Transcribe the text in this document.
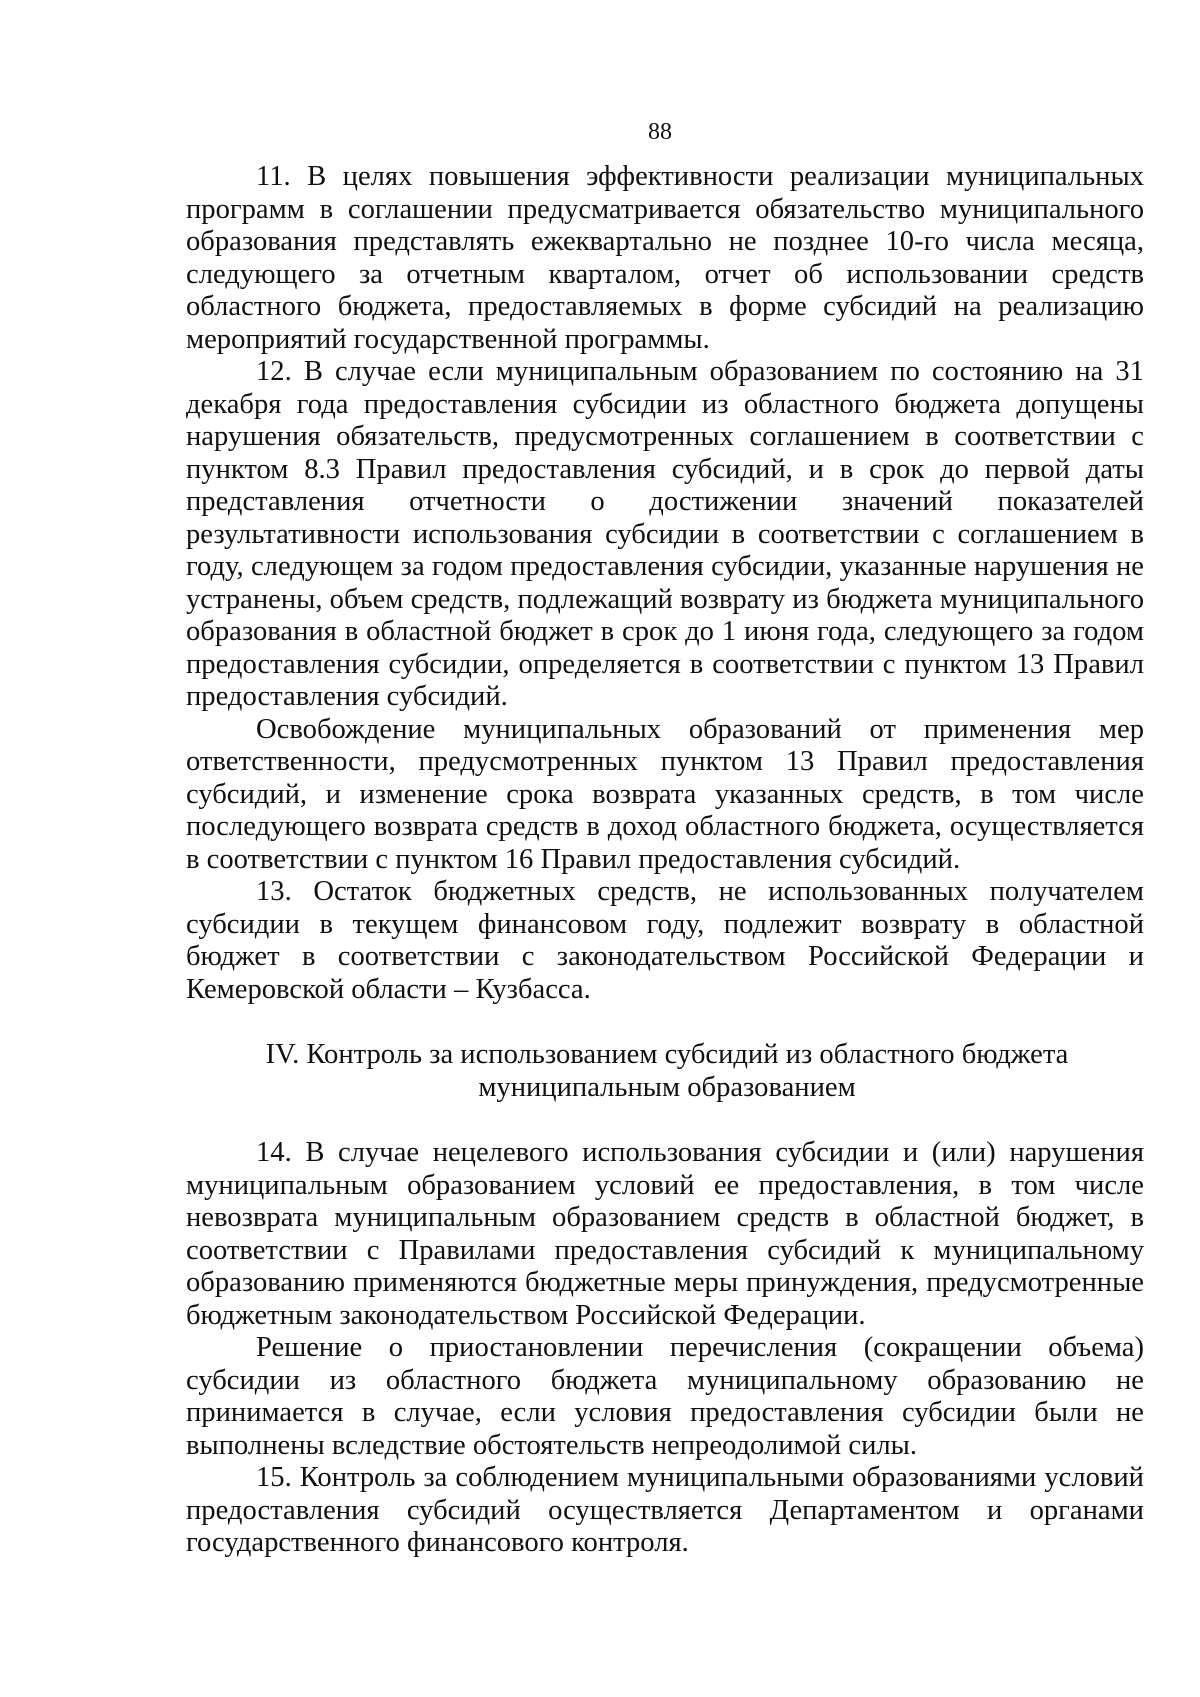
88

11. В целях повышения эффективности реализации муниципальных программ в соглашении предусматривается обязательство муниципального образования представлять ежеквартально не позднее 10-го числа месяца, следующего за отчетным кварталом, отчет об использовании средств областного бюджета, предоставляемых в форме субсидий на реализацию мероприятий государственной программы.

12. В случае если муниципальным образованием по состоянию на 31 декабря года предоставления субсидии из областного бюджета допущены нарушения обязательств, предусмотренных соглашением в соответствии с пунктом 8.3 Правил предоставления субсидий, и в срок до первой даты представления отчетности о достижении значений показателей результативности использования субсидии в соответствии с соглашением в году, следующем за годом предоставления субсидии, указанные нарушения не устранены, объем средств, подлежащий возврату из бюджета муниципального образования в областной бюджет в срок до 1 июня года, следующего за годом предоставления субсидии, определяется в соответствии с пунктом 13 Правил предоставления субсидий.

Освобождение муниципальных образований от применения мер ответственности, предусмотренных пунктом 13 Правил предоставления субсидий, и изменение срока возврата указанных средств, в том числе последующего возврата средств в доход областного бюджета, осуществляется в соответствии с пунктом 16 Правил предоставления субсидий.

13. Остаток бюджетных средств, не использованных получателем субсидии в текущем финансовом году, подлежит возврату в областной бюджет в соответствии с законодательством Российской Федерации и Кемеровской области – Кузбасса.

IV. Контроль за использованием субсидий из областного бюджета

муниципальным образованием

14. В случае нецелевого использования субсидии и (или) нарушения муниципальным образованием условий ее предоставления, в том числе невозврата муниципальным образованием средств в областной бюджет, в соответствии с Правилами предоставления субсидий к муниципальному образованию применяются бюджетные меры принуждения, предусмотренные бюджетным законодательством Российской Федерации.

Решение о приостановлении перечисления (сокращении объема) субсидии из областного бюджета муниципальному образованию не принимается в случае, если условия предоставления субсидии были не выполнены вследствие обстоятельств непреодолимой силы.

15. Контроль за соблюдением муниципальными образованиями условий предоставления субсидий осуществляется Департаментом и органами государственного финансового контроля.
